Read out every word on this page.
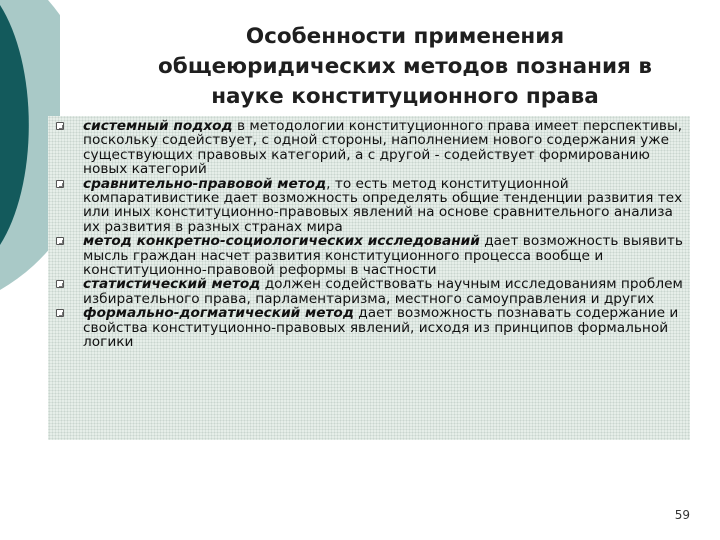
Особенности применения
общеюридических методов познания в
науке конституционного права
системный подход в методологии конституционного права имеет перспективы, поскольку содействует, с одной стороны, наполнением нового содержания уже существующих правовых категорий, а с другой - содействует формированию новых категорий
сравнительно-правовой метод, то есть метод конституционной компаративистике дает возможность определять общие тенденции развития тех или иных конституционно-правовых явлений на основе сравнительного анализа их развития в разных странах мира
метод конкретно-социологических исследований дает возможность выявить мысль граждан насчет развития конституционного процесса вообще и конституционно-правовой реформы в частности
статистический метод должен содействовать научным исследованиям проблем избирательного права, парламентаризма, местного самоуправления и других
формально-догматический метод дает возможность познавать содержание и свойства конституционно-правовых явлений, исходя из принципов формальной логики
59
